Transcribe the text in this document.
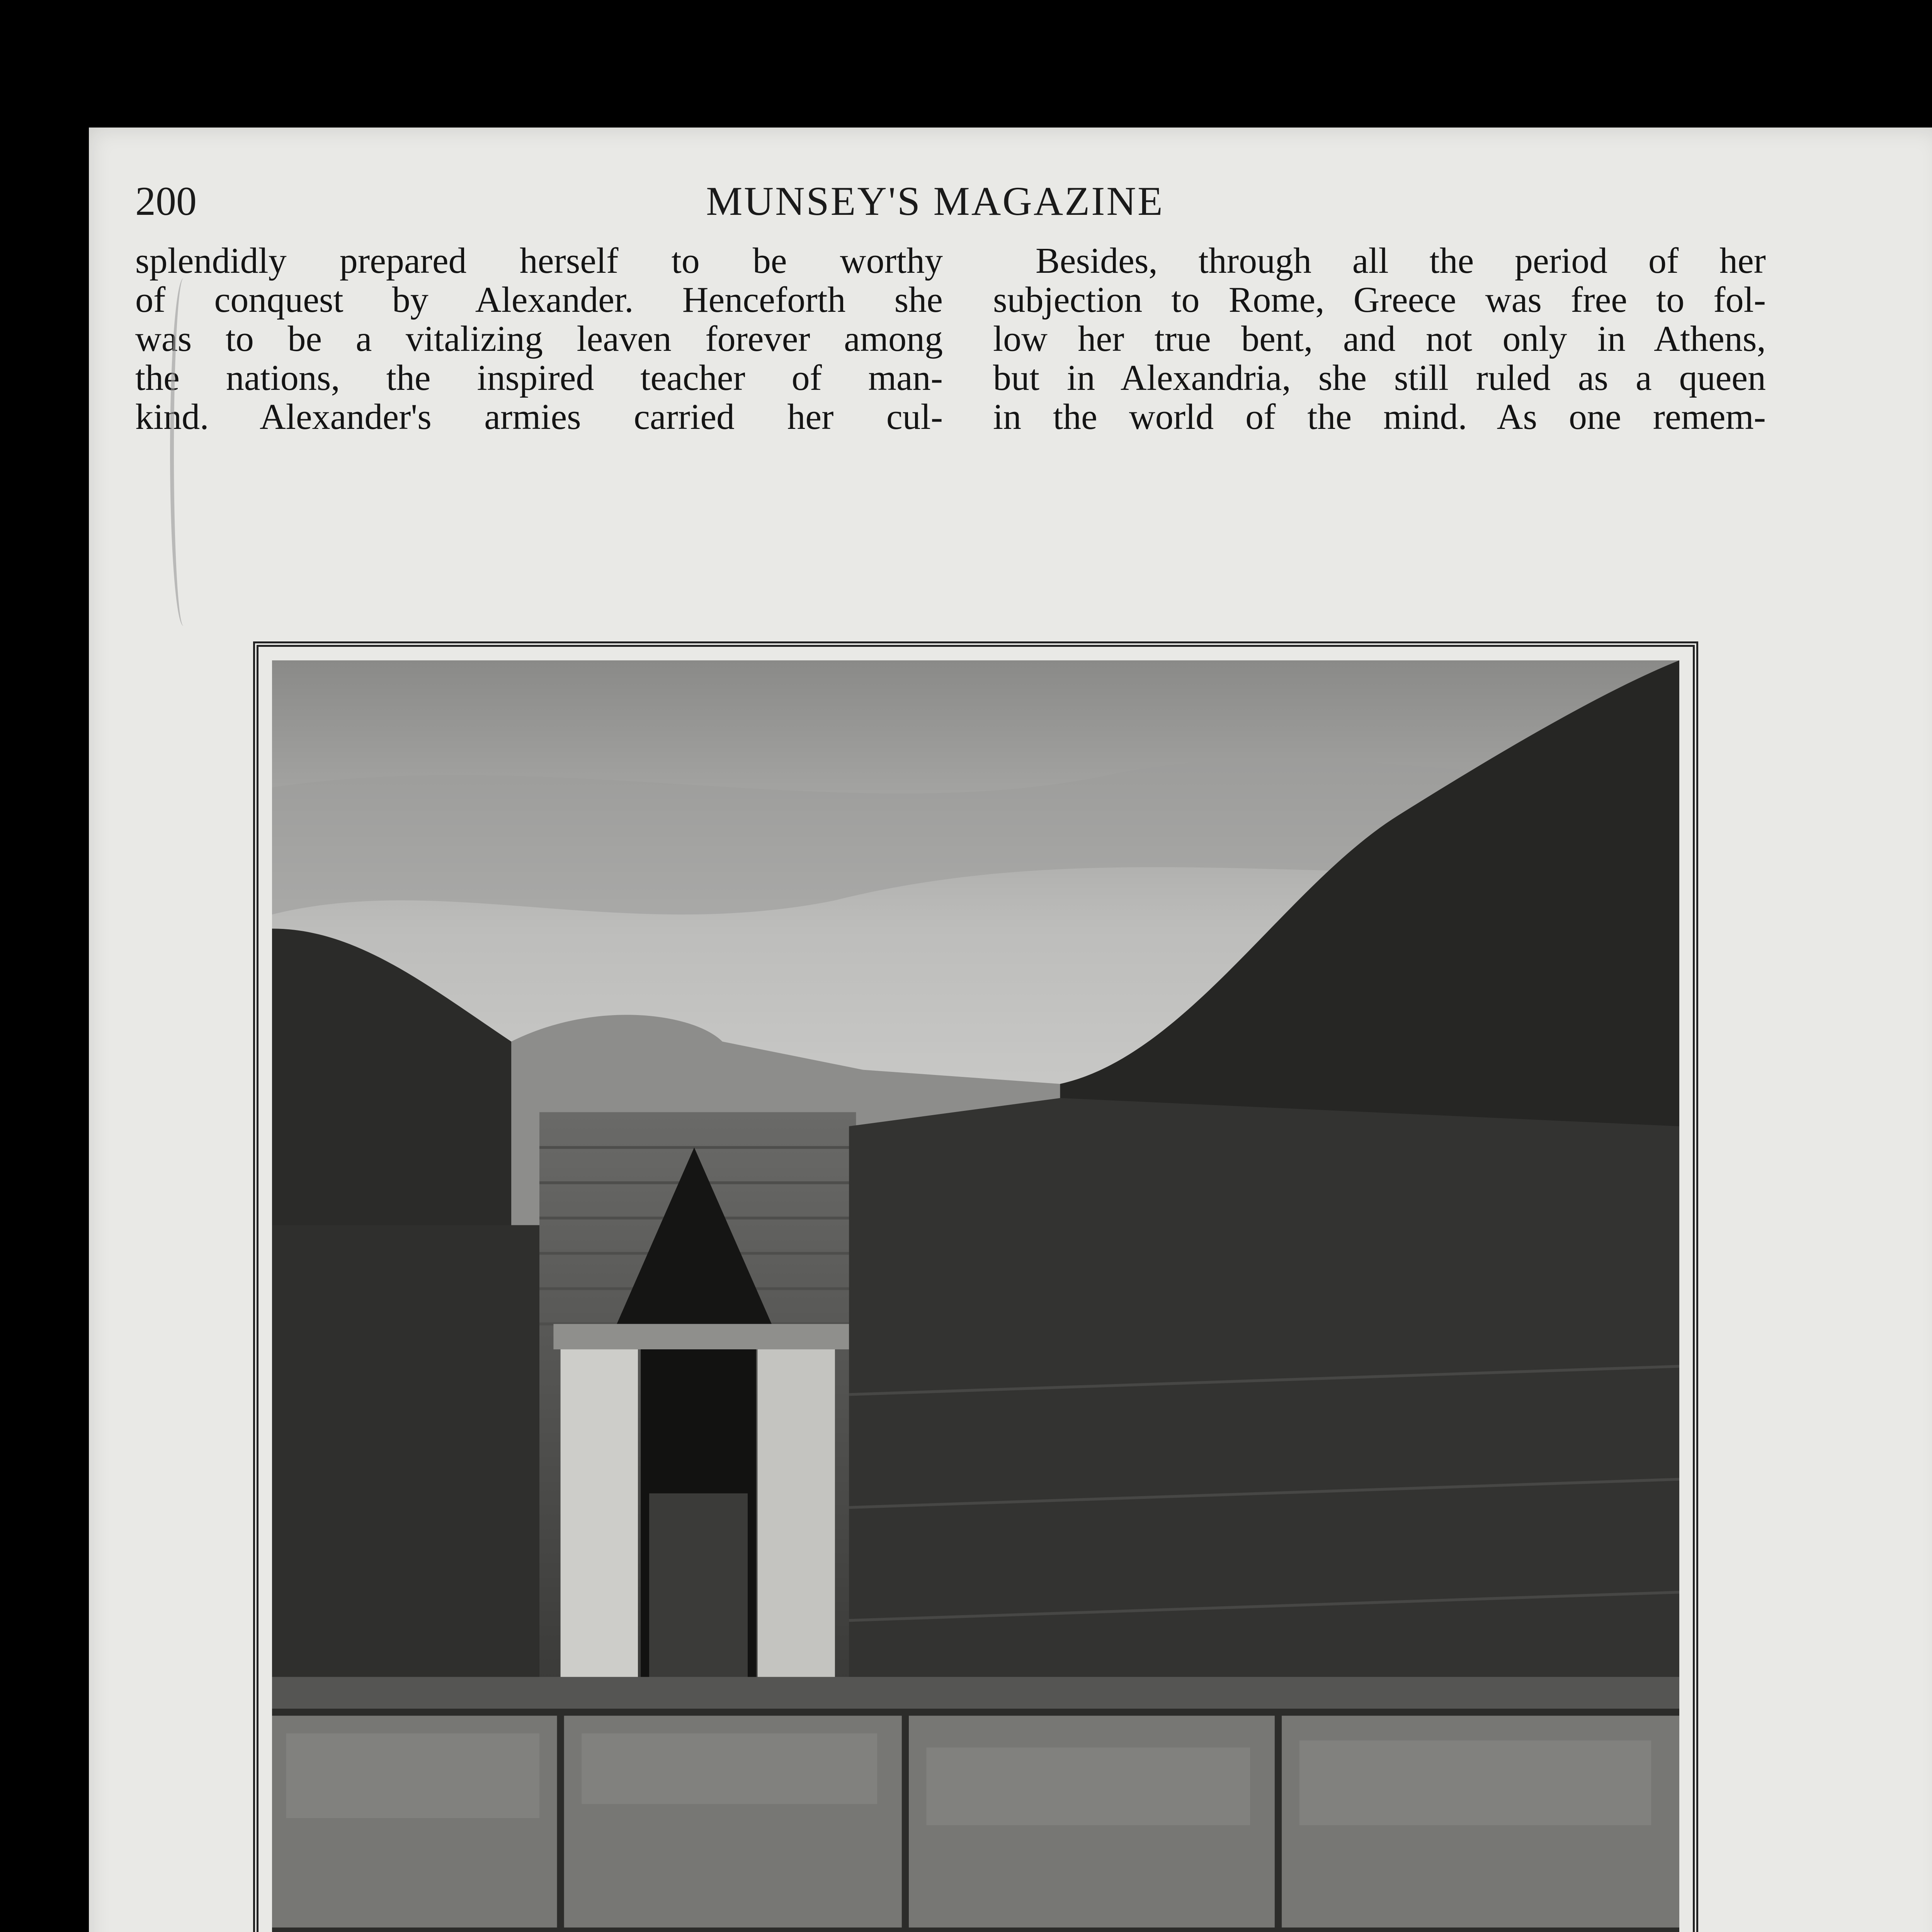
200	MUNSEY'S MAGAZINE
splendidly prepared herself to be worthy
of conquest by Alexander. Henceforth she
was to be a vitalizing leaven forever among
the nations, the inspired teacher of man-
kind. Alexander's armies carried her cul-
Besides, through all the period of her
subjection to Rome, Greece was free to fol-
low her true bent, and not only in Athens,
but in Alexandria, she still ruled as a queen
in the world of the mind. As one remem-
